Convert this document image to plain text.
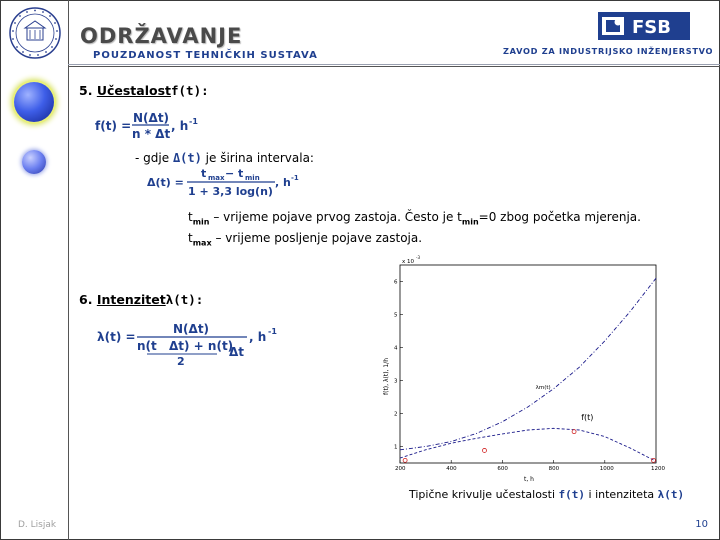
ODRŽAVANJE
POUZDANOST TEHNIČKIH SUSTAVA
FSB
ZAVOD ZA INDUSTRIJSKO INŽENJERSTVO
5. Učestalostf(t):
f(t) =
N(Δt)
n * Δt
, h -1
- gdje Δ(t) je širina intervala:
Δ(t) =
t max − t min
1 + 3,3 log(n)
, h -1
$t_{min}$ – vrijeme pojave prvog zastoja. Često je $t_{min}=0$ zbog početka mjerenja.
$t_{max}$ – vrijeme posljenje pojave zastoja.
6. Intenzitetλ(t):
λ(t) =
N(Δt)
n(t Δt) + n(t)
2
Δt
, h -1
x 10
-3
f(t), λ(t), 1/h
t, h
200	400	600	800	1000	1200
1
2
3
4
5
6
λm(t)
f(t)
Tipične krivulje učestalosti f(t) i intenziteta λ(t)
D. Lisjak	10
